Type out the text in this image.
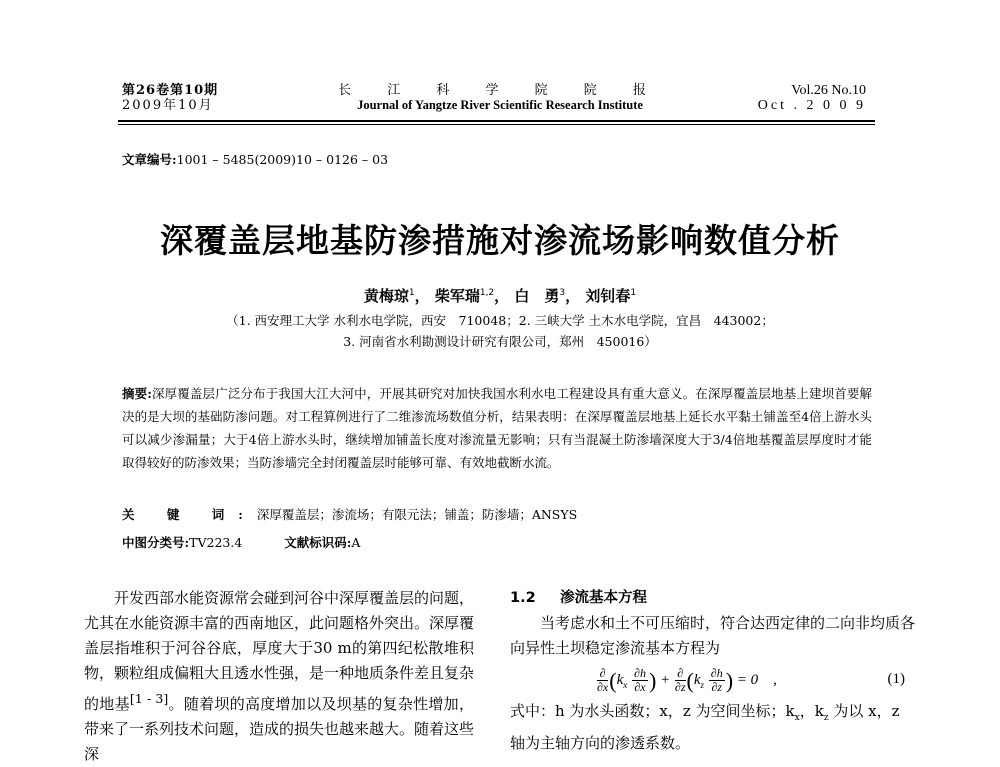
第26卷第10期
2009年10月
长 江 科 学 院 院 报
Journal of Yangtze River Scientific Research Institute
Vol.26 No.10
Oct . 2 0 0 9
文章编号:1001 – 5485(2009)10 – 0126 – 03
深覆盖层地基防渗措施对渗流场影响数值分析
黄梅琼$^1$， 柴军瑞$^{1,2}$， 白　勇$^3$， 刘钊春$^1$
（1. 西安理工大学 水利水电学院，西安　710048；2. 三峡大学 土木水电学院，宜昌　443002；
3. 河南省水利勘测设计研究有限公司，郑州　450016）
摘要:深厚覆盖层广泛分布于我国大江大河中，开展其研究对加快我国水利水电工程建设具有重大意义。在深厚覆盖层地基上建坝首要解决的是大坝的基础防渗问题。对工程算例进行了二维渗流场数值分析，结果表明：在深厚覆盖层地基上延长水平黏土铺盖至4倍上游水头可以减少渗漏量；大于4倍上游水头时，继续增加铺盖长度对渗流量无影响；只有当混凝土防渗墙深度大于3/4倍地基覆盖层厚度时才能取得较好的防渗效果；当防渗墙完全封闭覆盖层时能够可靠、有效地截断水流。
关 键 词:深厚覆盖层；渗流场；有限元法；铺盖；防渗墙；ANSYS
中图分类号:TV223.4	文献标识码:A

开发西部水能资源常会碰到河谷中深厚覆盖层的问题，尤其在水能资源丰富的西南地区，此问题格外突出。深厚覆盖层指堆积于河谷谷底，厚度大于30 m的第四纪松散堆积物，颗粒组成偏粗大且透水性强，是一种地质条件差且复杂的地基[1 - 3]。随着坝的高度增加以及坝基的复杂性增加，带来了一系列技术问题，造成的损失也越来越大。随着这些深

1.2 渗流基本方程

当考虑水和土不可压缩时，符合达西定律的二向非均质各向异性土坝稳定渗流基本方程为

$\frac{\partial}{\partial x} (k_x \frac{\partial h}{\partial x}$ ) + $\frac{\partial}{\partial z} (k_z \frac{\partial h}{\partial z}$ ) = 0    ,	(1)

式中：h 为水头函数；x，z 为空间坐标；$k_x$，$k_z$ 为以 x，z

轴为主轴方向的渗透系数。
